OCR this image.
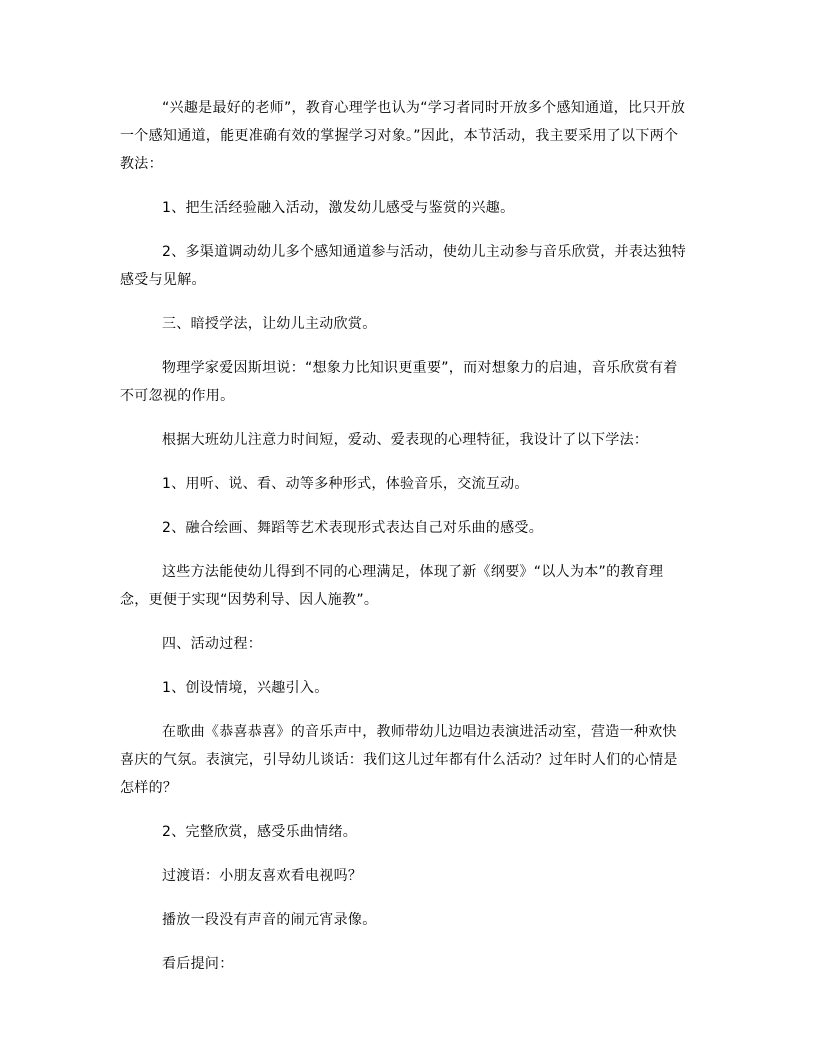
“兴趣是最好的老师”，教育心理学也认为“学习者同时开放多个感知通道，比只开放一个感知通道，能更准确有效的掌握学习对象。”因此，本节活动，我主要采用了以下两个教法：

1、把生活经验融入活动，激发幼儿感受与鉴赏的兴趣。

2、多渠道调动幼儿多个感知通道参与活动，使幼儿主动参与音乐欣赏，并表达独特感受与见解。

三、暗授学法，让幼儿主动欣赏。

物理学家爱因斯坦说：“想象力比知识更重要”，而对想象力的启迪，音乐欣赏有着不可忽视的作用。

根据大班幼儿注意力时间短，爱动、爱表现的心理特征，我设计了以下学法：

1、用听、说、看、动等多种形式，体验音乐，交流互动。

2、融合绘画、舞蹈等艺术表现形式表达自己对乐曲的感受。

这些方法能使幼儿得到不同的心理满足，体现了新《纲要》“以人为本”的教育理念，更便于实现“因势利导、因人施教”。

四、活动过程：

1、创设情境，兴趣引入。

在歌曲《恭喜恭喜》的音乐声中，教师带幼儿边唱边表演进活动室，营造一种欢快喜庆的气氛。表演完，引导幼儿谈话：我们这儿过年都有什么活动？过年时人们的心情是怎样的？

2、完整欣赏，感受乐曲情绪。

过渡语：小朋友喜欢看电视吗？

播放一段没有声音的闹元宵录像。

看后提问：
